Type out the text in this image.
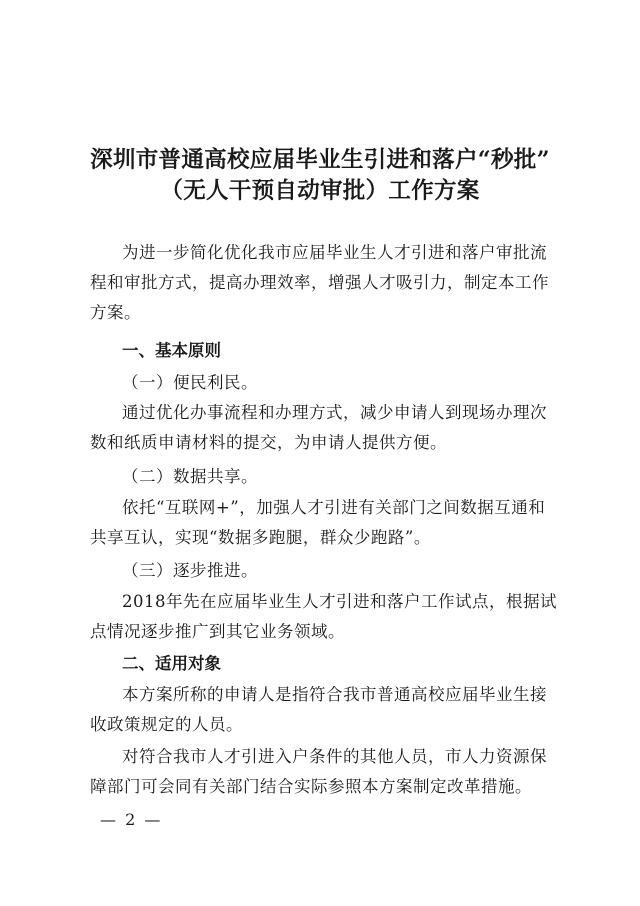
深圳市普通高校应届毕业生引进和落户“秒批”
（无人干预自动审批）工作方案

为进一步简化优化我市应届毕业生人才引进和落户审批流程和审批方式，提高办理效率，增强人才吸引力，制定本工作方案。

一、基本原则

（一）便民利民。

通过优化办事流程和办理方式，减少申请人到现场办理次数和纸质申请材料的提交，为申请人提供方便。

（二）数据共享。

依托“互联网+”，加强人才引进有关部门之间数据互通和共享互认，实现“数据多跑腿，群众少跑路”。

（三）逐步推进。

2018年先在应届毕业生人才引进和落户工作试点，根据试点情况逐步推广到其它业务领域。

二、适用对象

本方案所称的申请人是指符合我市普通高校应届毕业生接收政策规定的人员。

对符合我市人才引进入户条件的其他人员，市人力资源保障部门可会同有关部门结合实际参照本方案制定改革措施。

— 2 —
